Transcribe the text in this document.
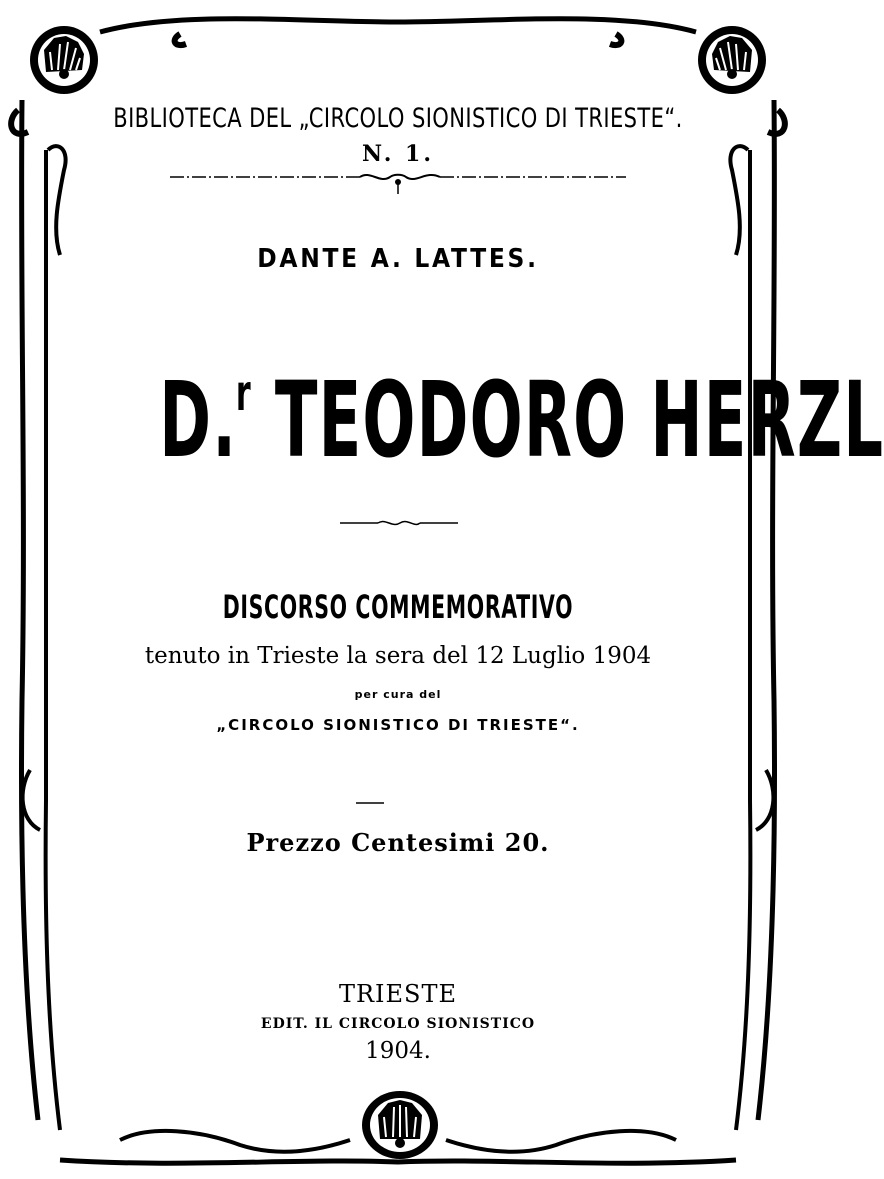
BIBLIOTECA DEL „CIRCOLO SIONISTICO DI TRIESTE“.
N. 1.
DANTE A. LATTES.
D.$^r$ TEODORO HERZL
DISCORSO COMMEMORATIVO
tenuto in Trieste la sera del 12 Luglio 1904
per cura del
„CIRCOLO SIONISTICO DI TRIESTE“.
Prezzo Centesimi 20.
TRIESTE
EDIT. IL CIRCOLO SIONISTICO
1904.
